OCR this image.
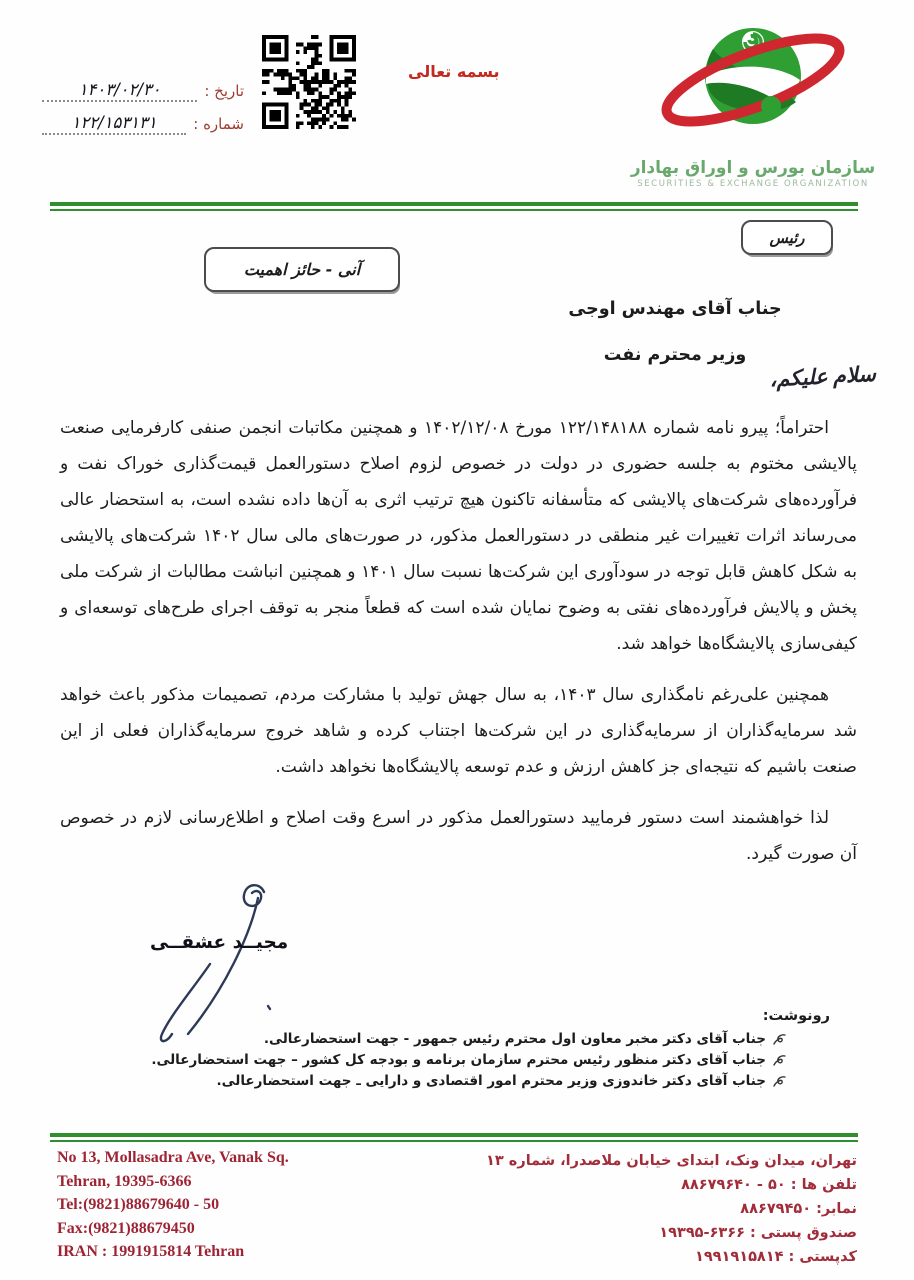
تاریخ :
۱۴۰۳/۰۲/۳۰
شماره :
۱۲۲/۱۵۳۱۳۱
بسمه تعالی
سازمان بورس و اوراق بهادار
SECURITIES & EXCHANGE ORGANIZATION
رئیس
آنی - حائز اهمیت
جناب آقای مهندس اوجی
وزیر محترم نفت
سلام علیکم،

احتراماً؛ پیرو نامه شماره ۱۲۲/۱۴۸۱۸۸ مورخ ۱۴۰۲/۱۲/۰۸ و همچنین مکاتبات انجمن صنفی کارفرمایی صنعت پالایشی مختوم به جلسه حضوری در دولت در خصوص لزوم اصلاح دستورالعمل قیمت‌گذاری خوراک نفت و فرآورده‌های شرکت‌های پالایشی که متأسفانه تاکنون هیچ ترتیب اثری به آن‌ها داده نشده است، به استحضار عالی می‌رساند اثرات تغییرات غیر منطقی در دستورالعمل مذکور، در صورت‌های مالی سال ۱۴۰۲ شرکت‌های پالایشی به شکل کاهش قابل توجه در سودآوری این شرکت‌ها نسبت سال ۱۴۰۱ و همچنین انباشت مطالبات از شرکت ملی پخش و پالایش فرآورده‌های نفتی به وضوح نمایان شده است که قطعاً منجر به توقف اجرای طرح‌های توسعه‌ای و کیفی‌سازی پالایشگاه‌ها خواهد شد.

همچنین علی‌رغم نامگذاری سال ۱۴۰۳، به سال جهش تولید با مشارکت مردم، تصمیمات مذکور باعث خواهد شد سرمایه‌گذاران از سرمایه‌گذاری در این شرکت‌ها اجتناب کرده و شاهد خروج سرمایه‌گذاران فعلی از این صنعت باشیم که نتیجه‌ای جز کاهش ارزش و عدم توسعه پالایشگاه‌ها نخواهد داشت.

لذا خواهشمند است دستور فرمایید دستورالعمل مذکور در اسرع وقت اصلاح و اطلاع‌رسانی لازم در خصوص آن صورت گیرد.

مجیــد عشقــی
رونوشت:
جناب آقای دکتر مخبر معاون اول محترم رئیس جمهور - جهت استحضارعالی.
جناب آقای دکتر منظور رئیس محترم سازمان برنامه و بودجه کل کشور – جهت استحضارعالی.
جناب آقای دکتر خاندوزی وزیر محترم امور اقتصادی و دارایی ـ جهت استحضارعالی.
No 13, Mollasadra Ave, Vanak Sq.
Tehran, 19395-6366
Tel:(9821)88679640 - 50
Fax:(9821)88679450
IRAN : 1991915814 Tehran
تهران، میدان ونک، ابتدای خیابان ملاصدرا، شماره ۱۳
تلفن ها : ۵۰ - ۸۸۶۷۹۶۴۰
نمابر: ۸۸۶۷۹۴۵۰
صندوق پستی : ۶۳۶۶-۱۹۳۹۵
کدپستی : ۱۹۹۱۹۱۵۸۱۴
